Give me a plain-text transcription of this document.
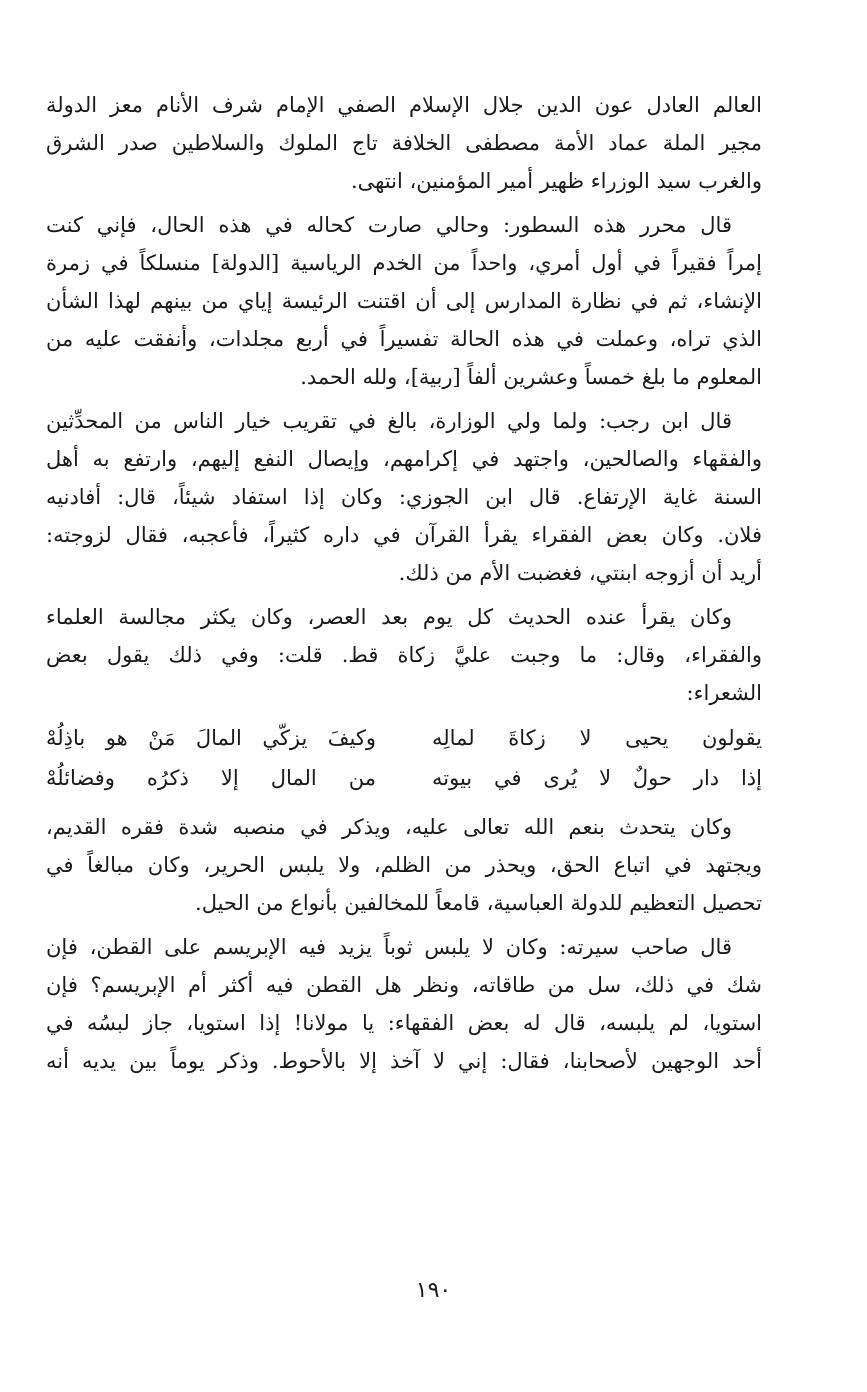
العالم العادل عون الدين جلال الإسلام الصفي الإمام شرف الأنام معز الدولة
مجير الملة عماد الأمة مصطفى الخلافة تاج الملوك والسلاطين صدر الشرق
والغرب سيد الوزراء ظهير أمير المؤمنين، انتهى.
قال محرر هذه السطور: وحالي صارت كحاله في هذه الحال، فإني كنت
إمراً فقيراً في أول أمري، واحداً من الخدم الرياسية [الدولة] منسلكاً في زمرة
الإنشاء، ثم في نظارة المدارس إلى أن اقتنت الرئيسة إياي من بينهم لهذا الشأن
الذي تراه، وعملت في هذه الحالة تفسيراً في أربع مجلدات، وأنفقت عليه من
المعلوم ما بلغ خمساً وعشرين ألفاً [ربية]، ولله الحمد.
قال ابن رجب: ولما ولي الوزارة، بالغ في تقريب خيار الناس من المحدِّثين
والفقهاء والصالحين، واجتهد في إكرامهم، وإيصال النفع إليهم، وارتفع به أهل
السنة غاية الإرتفاع. قال ابن الجوزي: وكان إذا استفاد شيئاً، قال: أفادنيه
فلان. وكان بعض الفقراء يقرأ القرآن في داره كثيراً، فأعجبه، فقال لزوجته:
أريد أن أزوجه ابنتي، فغضبت الأم من ذلك.
وكان يقرأ عنده الحديث كل يوم بعد العصر، وكان يكثر مجالسة العلماء
والفقراء، وقال: ما وجبت عليَّ زكاة قط. قلت: وفي ذلك يقول بعض
الشعراء:
يقولون يحيى لا زكاةَ لمالِه
وكيفَ يزكّي المالَ مَنْ هو باذِلُهْ
إذا دار حولٌ لا يُرى في بيوته
من المال إلا ذكرُه وفضائلُهْ
وكان يتحدث بنعم الله تعالى عليه، ويذكر في منصبه شدة فقره القديم،
ويجتهد في اتباع الحق، ويحذر من الظلم، ولا يلبس الحرير، وكان مبالغاً في
تحصيل التعظيم للدولة العباسية، قامعاً للمخالفين بأنواع من الحيل.
قال صاحب سيرته: وكان لا يلبس ثوباً يزيد فيه الإبريسم على القطن، فإن
شك في ذلك، سل من طاقاته، ونظر هل القطن فيه أكثر أم الإبريسم؟ فإن
استويا، لم يلبسه، قال له بعض الفقهاء: يا مولانا! إذا استويا، جاز لبسُه في
أحد الوجهين لأصحابنا، فقال: إني لا آخذ إلا بالأحوط. وذكر يوماً بين يديه أنه
١٩٠
